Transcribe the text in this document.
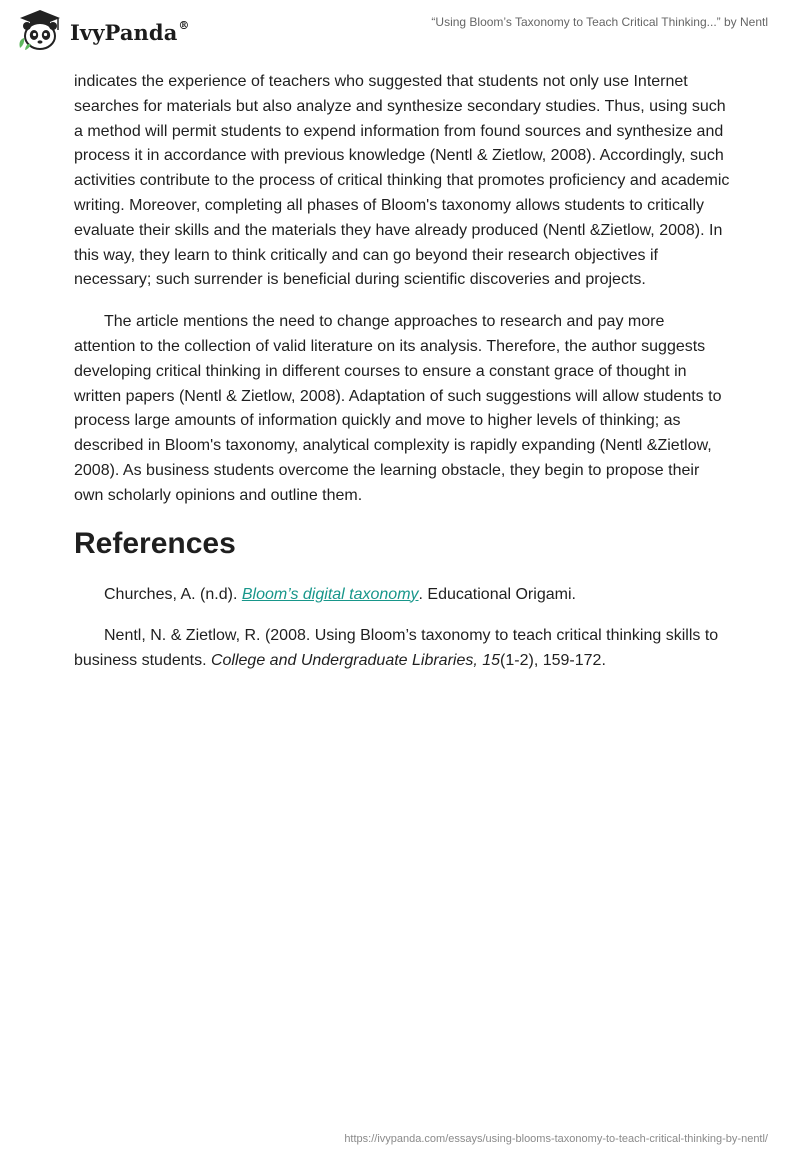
IvyPanda®	“Using Bloom’s Taxonomy to Teach Critical Thinking...” by Nentl

indicates the experience of teachers who suggested that students not only use Internet searches for materials but also analyze and synthesize secondary studies. Thus, using such a method will permit students to expend information from found sources and synthesize and process it in accordance with previous knowledge (Nentl & Zietlow, 2008). Accordingly, such activities contribute to the process of critical thinking that promotes proficiency and academic writing. Moreover, completing all phases of Bloom's taxonomy allows students to critically evaluate their skills and the materials they have already produced (Nentl &Zietlow, 2008). In this way, they learn to think critically and can go beyond their research objectives if necessary; such surrender is beneficial during scientific discoveries and projects.

The article mentions the need to change approaches to research and pay more attention to the collection of valid literature on its analysis. Therefore, the author suggests developing critical thinking in different courses to ensure a constant grace of thought in written papers (Nentl & Zietlow, 2008). Adaptation of such suggestions will allow students to process large amounts of information quickly and move to higher levels of thinking; as described in Bloom's taxonomy, analytical complexity is rapidly expanding (Nentl &Zietlow, 2008). As business students overcome the learning obstacle, they begin to propose their own scholarly opinions and outline them.

References

Churches, A. (n.d). Bloom’s digital taxonomy. Educational Origami.

Nentl, N. & Zietlow, R. (2008. Using Bloom’s taxonomy to teach critical thinking skills to business students. College and Undergraduate Libraries, 15(1-2), 159-172.

https://ivypanda.com/essays/using-blooms-taxonomy-to-teach-critical-thinking-by-nentl/
